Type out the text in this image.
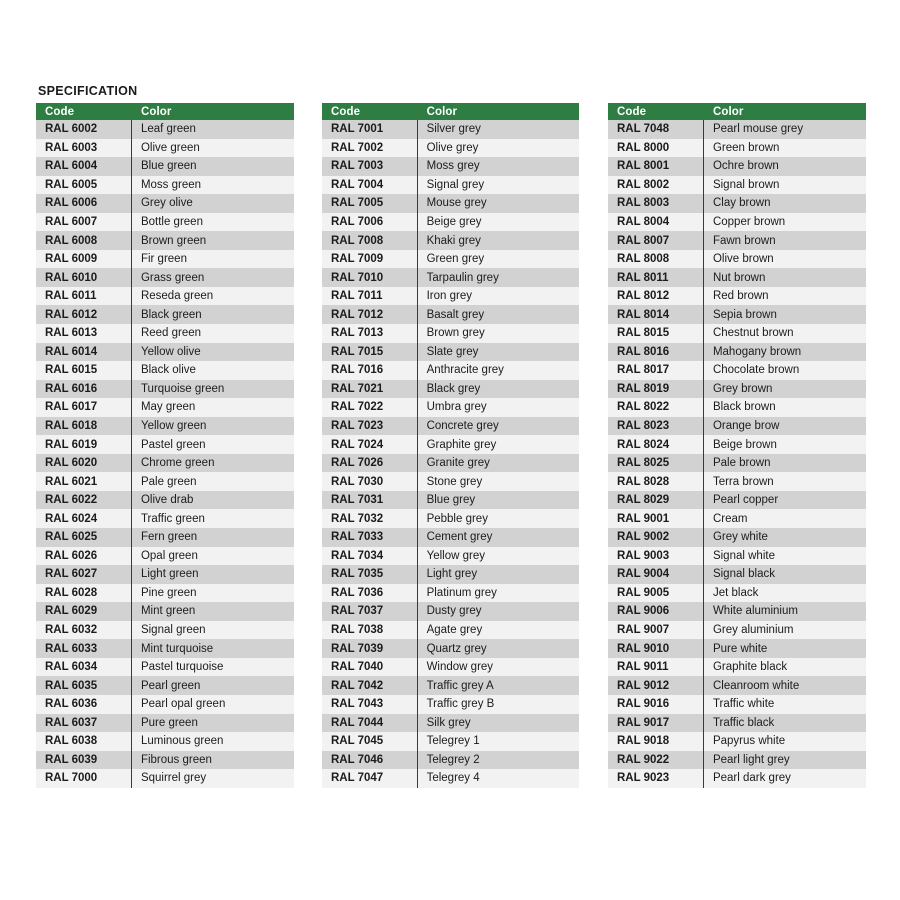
SPECIFICATION
Code	Color
RAL 6002	Leaf green
RAL 6003	Olive green
RAL 6004	Blue green
RAL 6005	Moss green
RAL 6006	Grey olive
RAL 6007	Bottle green
RAL 6008	Brown green
RAL 6009	Fir green
RAL 6010	Grass green
RAL 6011	Reseda green
RAL 6012	Black green
RAL 6013	Reed green
RAL 6014	Yellow olive
RAL 6015	Black olive
RAL 6016	Turquoise green
RAL 6017	May green
RAL 6018	Yellow green
RAL 6019	Pastel green
RAL 6020	Chrome green
RAL 6021	Pale green
RAL 6022	Olive drab
RAL 6024	Traffic green
RAL 6025	Fern green
RAL 6026	Opal green
RAL 6027	Light green
RAL 6028	Pine green
RAL 6029	Mint green
RAL 6032	Signal green
RAL 6033	Mint turquoise
RAL 6034	Pastel turquoise
RAL 6035	Pearl green
RAL 6036	Pearl opal green
RAL 6037	Pure green
RAL 6038	Luminous green
RAL 6039	Fibrous green
RAL 7000	Squirrel grey
Code	Color
RAL 7001	Silver grey
RAL 7002	Olive grey
RAL 7003	Moss grey
RAL 7004	Signal grey
RAL 7005	Mouse grey
RAL 7006	Beige grey
RAL 7008	Khaki grey
RAL 7009	Green grey
RAL 7010	Tarpaulin grey
RAL 7011	Iron grey
RAL 7012	Basalt grey
RAL 7013	Brown grey
RAL 7015	Slate grey
RAL 7016	Anthracite grey
RAL 7021	Black grey
RAL 7022	Umbra grey
RAL 7023	Concrete grey
RAL 7024	Graphite grey
RAL 7026	Granite grey
RAL 7030	Stone grey
RAL 7031	Blue grey
RAL 7032	Pebble grey
RAL 7033	Cement grey
RAL 7034	Yellow grey
RAL 7035	Light grey
RAL 7036	Platinum grey
RAL 7037	Dusty grey
RAL 7038	Agate grey
RAL 7039	Quartz grey
RAL 7040	Window grey
RAL 7042	Traffic grey A
RAL 7043	Traffic grey B
RAL 7044	Silk grey
RAL 7045	Telegrey 1
RAL 7046	Telegrey 2
RAL 7047	Telegrey 4
Code	Color
RAL 7048	Pearl mouse grey
RAL 8000	Green brown
RAL 8001	Ochre brown
RAL 8002	Signal brown
RAL 8003	Clay brown
RAL 8004	Copper brown
RAL 8007	Fawn brown
RAL 8008	Olive brown
RAL 8011	Nut brown
RAL 8012	Red brown
RAL 8014	Sepia brown
RAL 8015	Chestnut brown
RAL 8016	Mahogany brown
RAL 8017	Chocolate brown
RAL 8019	Grey brown
RAL 8022	Black brown
RAL 8023	Orange brow
RAL 8024	Beige brown
RAL 8025	Pale brown
RAL 8028	Terra brown
RAL 8029	Pearl copper
RAL 9001	Cream
RAL 9002	Grey white
RAL 9003	Signal white
RAL 9004	Signal black
RAL 9005	Jet black
RAL 9006	White aluminium
RAL 9007	Grey aluminium
RAL 9010	Pure white
RAL 9011	Graphite black
RAL 9012	Cleanroom white
RAL 9016	Traffic white
RAL 9017	Traffic black
RAL 9018	Papyrus white
RAL 9022	Pearl light grey
RAL 9023	Pearl dark grey
